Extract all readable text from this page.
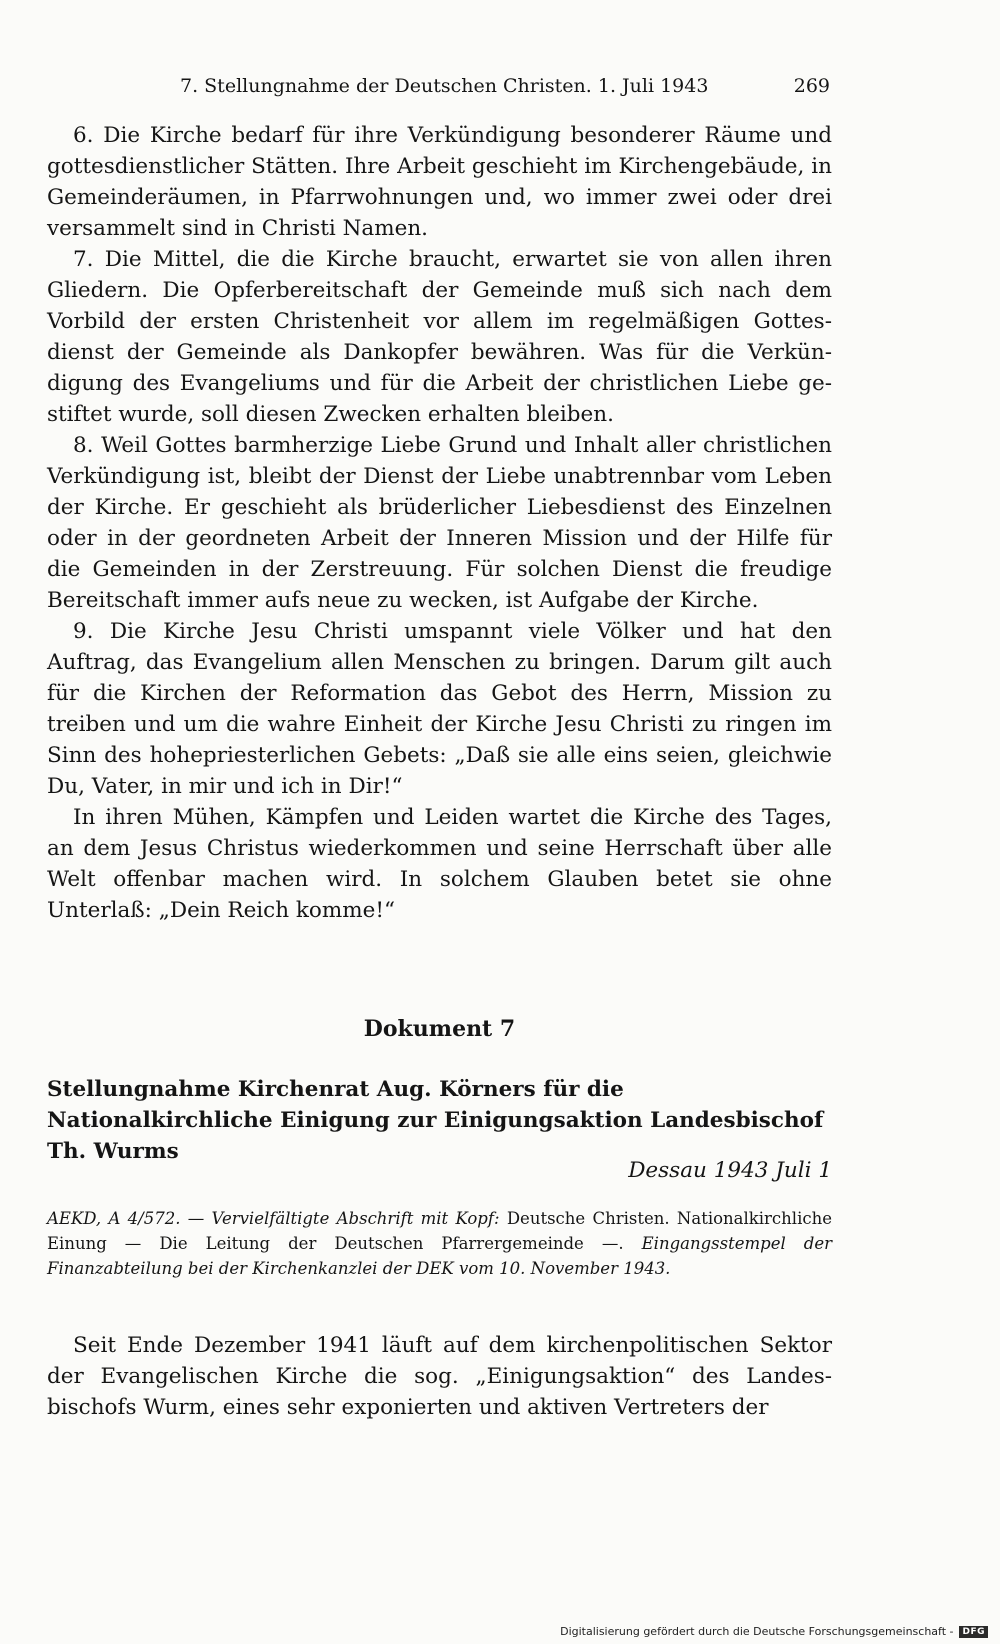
7. Stellungnahme der Deutschen Christen. 1. Juli 1943	269

6. Die Kirche bedarf für ihre Verkündigung besonderer Räume und gottesdienstlicher Stätten. Ihre Arbeit geschieht im Kirchengebäude, in Gemeinderäumen, in Pfarrwohnungen und, wo immer zwei oder drei versammelt sind in Christi Namen.

7. Die Mittel, die die Kirche braucht, erwartet sie von allen ihren Gliedern. Die Opferbereitschaft der Gemeinde muß sich nach dem Vorbild der ersten Christenheit vor allem im regelmäßigen Gottesdienst der Gemeinde als Dankopfer bewähren. Was für die Verkündigung des Evangeliums und für die Arbeit der christlichen Liebe gestiftet wurde, soll diesen Zwecken erhalten bleiben.

8. Weil Gottes barmherzige Liebe Grund und Inhalt aller christlichen Verkündigung ist, bleibt der Dienst der Liebe unabtrennbar vom Leben der Kirche. Er geschieht als brüderlicher Liebesdienst des Einzelnen oder in der geordneten Arbeit der Inneren Mission und der Hilfe für die Gemeinden in der Zerstreuung. Für solchen Dienst die freudige Bereitschaft immer aufs neue zu wecken, ist Aufgabe der Kirche.

9. Die Kirche Jesu Christi umspannt viele Völker und hat den Auftrag, das Evangelium allen Menschen zu bringen. Darum gilt auch für die Kirchen der Reformation das Gebot des Herrn, Mission zu treiben und um die wahre Einheit der Kirche Jesu Christi zu ringen im Sinn des hohepriesterlichen Gebets: „Daß sie alle eins seien, gleichwie Du, Vater, in mir und ich in Dir!“

In ihren Mühen, Kämpfen und Leiden wartet die Kirche des Tages, an dem Jesus Christus wiederkommen und seine Herrschaft über alle Welt offenbar machen wird. In solchem Glauben betet sie ohne Unterlaß: „Dein Reich komme!“

Dokument 7
Stellungnahme Kirchenrat Aug. Körners für die Nationalkirchliche Einigung zur Einigungsaktion Landesbischof Th. Wurms
Dessau 1943 Juli 1
AEKD, A 4/572. — Vervielfältigte Abschrift mit Kopf: Deutsche Christen. Nationalkirchliche Einung — Die Leitung der Deutschen Pfarrergemeinde —. Eingangsstempel der Finanzabteilung bei der Kirchenkanzlei der DEK vom 10. November 1943.

Seit Ende Dezember 1941 läuft auf dem kirchenpolitischen Sektor der Evangelischen Kirche die sog. „Einigungsaktion“ des Landesbischofs Wurm, eines sehr exponierten und aktiven Vertreters der

Digitalisierung gefördert durch die Deutsche Forschungsgemeinschaft -	DFG
